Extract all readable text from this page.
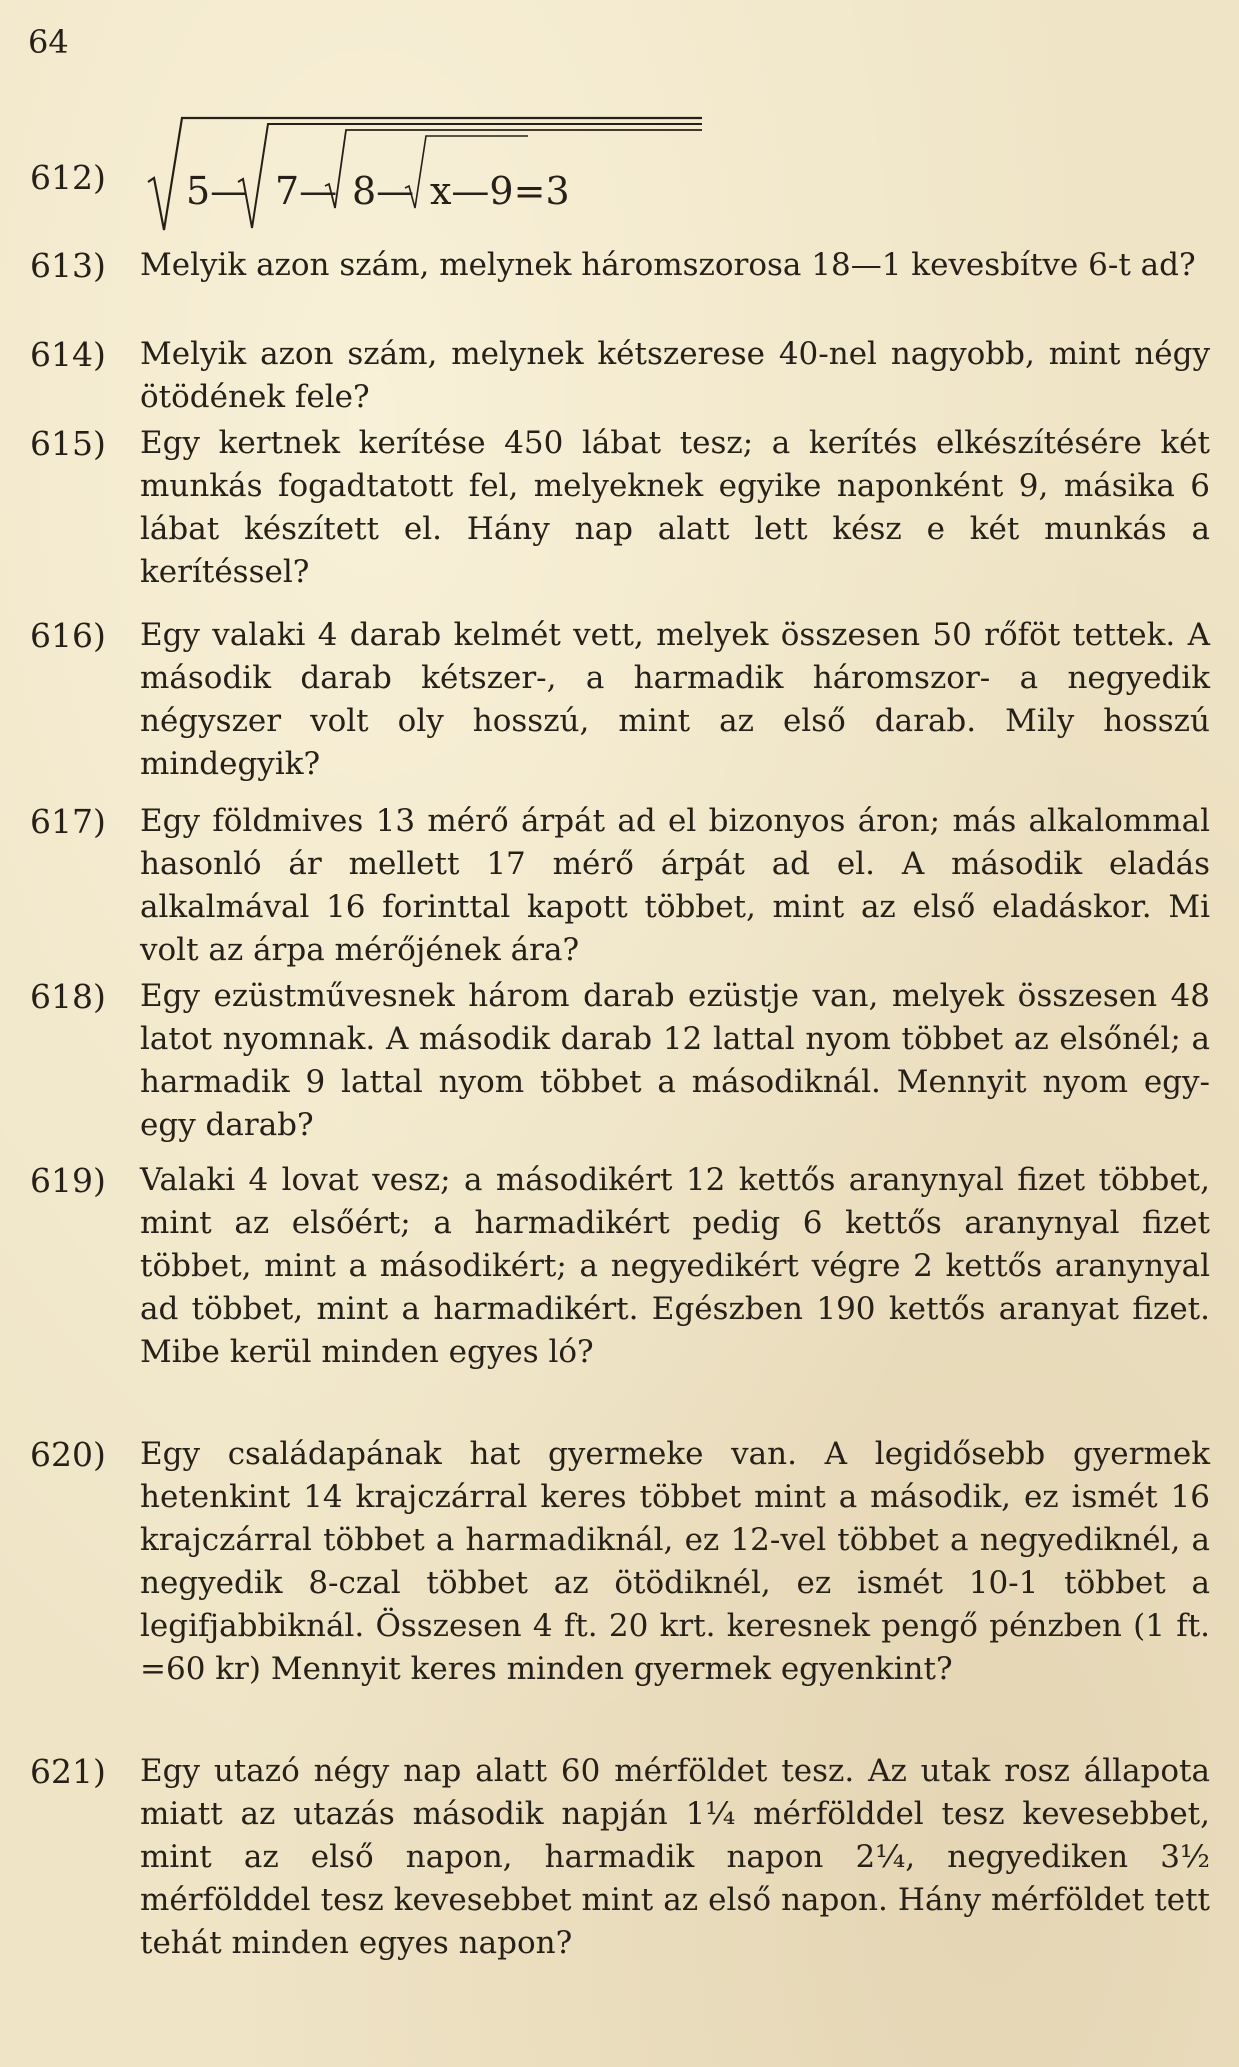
64
612) 5— 7— 8— x—9=3
613)	Melyik azon szám, melynek háromszorosa 18—1 kevesbítve 6-t ad?
614)	Melyik azon szám, melynek kétszerese 40-nel nagyobb, mint négy ötödének fele?
615)	Egy kertnek kerítése 450 lábat tesz; a kerítés elkészítésére két munkás fogadtatott fel, melyeknek egyike naponként 9, másika 6 lábat készített el. Hány nap alatt lett kész e két munkás a kerítéssel?
616)	Egy valaki 4 darab kelmét vett, melyek összesen 50 rőföt tettek. A második darab kétszer-, a harmadik háromszor- a negyedik négyszer volt oly hosszú, mint az első darab. Mily hosszú mindegyik?
617)	Egy földmives 13 mérő árpát ad el bizonyos áron; más alkalommal hasonló ár mellett 17 mérő árpát ad el. A második eladás alkalmával 16 forinttal kapott többet, mint az első eladáskor. Mi volt az árpa mérőjének ára?
618)	Egy ezüstművesnek három darab ezüstje van, melyek összesen 48 latot nyomnak. A második darab 12 lattal nyom többet az elsőnél; a harmadik 9 lattal nyom többet a másodiknál. Mennyit nyom egy-egy darab?
619)	Valaki 4 lovat vesz; a másodikért 12 kettős aranynyal fizet többet, mint az elsőért; a harmadikért pedig 6 kettős aranynyal fizet többet, mint a másodikért; a negyedikért végre 2 kettős aranynyal ad többet, mint a harmadikért. Egészben 190 kettős aranyat fizet. Mibe kerül minden egyes ló?
620)	Egy családapának hat gyermeke van. A legidősebb gyermek hetenkint 14 krajczárral keres többet mint a második, ez ismét 16 krajczárral többet a harmadiknál, ez 12-vel többet a negyediknél, a negyedik 8-czal többet az ötödiknél, ez ismét 10-1 többet a legifjabbiknál. Összesen 4 ft. 20 krt. keresnek pengő pénzben (1 ft. =60 kr) Mennyit keres minden gyermek egyenkint?
621)	Egy utazó négy nap alatt 60 mérföldet tesz. Az utak rosz állapota miatt az utazás második napján 1¼ mérfölddel tesz kevesebbet, mint az első napon, harmadik napon 2¼, negyediken 3½ mérfölddel tesz kevesebbet mint az első napon. Hány mérföldet tett tehát minden egyes napon?
